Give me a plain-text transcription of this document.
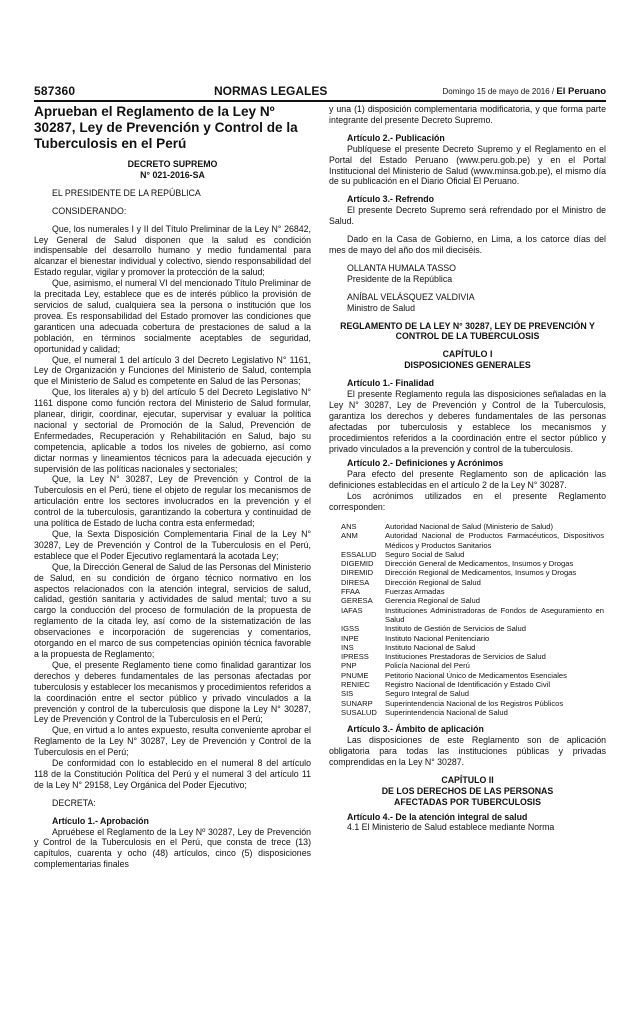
587360	NORMAS LEGALES	Domingo 15 de mayo de 2016 / El Peruano

Aprueban el Reglamento de la Ley Nº 30287, Ley de Prevención y Control de la Tuberculosis en el Perú

DECRETO SUPREMO

N° 021-2016-SA

EL PRESIDENTE DE LA REPÚBLICA

CONSIDERANDO:

Que, los numerales I y II del Título Preliminar de la Ley N° 26842, Ley General de Salud disponen que la salud es condición indispensable del desarrollo humano y medio fundamental para alcanzar el bienestar individual y colectivo, siendo responsabilidad del Estado regular, vigilar y promover la protección de la salud;

Que, asimismo, el numeral VI del mencionado Título Preliminar de la precitada Ley, establece que es de interés público la provisión de servicios de salud, cualquiera sea la persona o institución que los provea. Es responsabilidad del Estado promover las condiciones que garanticen una adecuada cobertura de prestaciones de salud a la población, en términos socialmente aceptables de seguridad, oportunidad y calidad;

Que, el numeral 1 del artículo 3 del Decreto Legislativo N° 1161, Ley de Organización y Funciones del Ministerio de Salud, contempla que el Ministerio de Salud es competente en Salud de las Personas;

Que, los literales a) y b) del artículo 5 del Decreto Legislativo N° 1161 dispone como función rectora del Ministerio de Salud formular, planear, dirigir, coordinar, ejecutar, supervisar y evaluar la política nacional y sectorial de Promoción de la Salud, Prevención de Enfermedades, Recuperación y Rehabilitación en Salud, bajo su competencia, aplicable a todos los niveles de gobierno, así como dictar normas y lineamientos técnicos para la adecuada ejecución y supervisión de las políticas nacionales y sectoriales;

Que, la Ley N° 30287, Ley de Prevención y Control de la Tuberculosis en el Perú, tiene el objeto de regular los mecanismos de articulación entre los sectores involucrados en la prevención y el control de la tuberculosis, garantizando la cobertura y continuidad de una política de Estado de lucha contra esta enfermedad;

Que, la Sexta Disposición Complementaria Final de la Ley N° 30287, Ley de Prevención y Control de la Tuberculosis en el Perú, establece que el Poder Ejecutivo reglamentará la acotada Ley;

Que, la Dirección General de Salud de las Personas del Ministerio de Salud, en su condición de órgano técnico normativo en los aspectos relacionados con la atención integral, servicios de salud, calidad, gestión sanitaria y actividades de salud mental; tuvo a su cargo la conducción del proceso de formulación de la propuesta de reglamento de la citada ley, así como de la sistematización de las observaciones e incorporación de sugerencias y comentarios, otorgando en el marco de sus competencias opinión técnica favorable a la propuesta de Reglamento;

Que, el presente Reglamento tiene como finalidad garantizar los derechos y deberes fundamentales de las personas afectadas por tuberculosis y establecer los mecanismos y procedimientos referidos a la coordinación entre el sector público y privado vinculados a la prevención y control de la tuberculosis que dispone la Ley N° 30287, Ley de Prevención y Control de la Tuberculosis en el Perú;

Que, en virtud a lo antes expuesto, resulta conveniente aprobar el Reglamento de la Ley N° 30287, Ley de Prevención y Control de la Tuberculosis en el Perú;

De conformidad con lo establecido en el numeral 8 del artículo 118 de la Constitución Política del Perú y el numeral 3 del artículo 11 de la Ley N° 29158, Ley Orgánica del Poder Ejecutivo;

DECRETA:

Artículo 1.- Aprobación

Apruébese el Reglamento de la Ley Nº 30287, Ley de Prevención y Control de la Tuberculosis en el Perú, que consta de trece (13) capítulos, cuarenta y ocho (48) artículos, cinco (5) disposiciones complementarias finales

y una (1) disposición complementaria modificatoria, y que forma parte integrante del presente Decreto Supremo.

Artículo 2.- Publicación

Publíquese el presente Decreto Supremo y el Reglamento en el Portal del Estado Peruano (www.peru.gob.pe) y en el Portal Institucional del Ministerio de Salud (www.minsa.gob.pe), el mismo día de su publicación en el Diario Oficial El Peruano.

Artículo 3.- Refrendo

El presente Decreto Supremo será refrendado por el Ministro de Salud.

Dado en la Casa de Gobierno, en Lima, a los catorce días del mes de mayo del año dos mil dieciséis.

OLLANTA HUMALA TASSO

Presidente de la República

ANÍBAL VELÁSQUEZ VALDIVIA

Ministro de Salud

REGLAMENTO DE LA LEY N° 30287, LEY DE PREVENCIÓN Y CONTROL DE LA TUBERCULOSIS

CAPÍTULO I

DISPOSICIONES GENERALES

Artículo 1.- Finalidad

El presente Reglamento regula las disposiciones señaladas en la Ley N° 30287, Ley de Prevención y Control de la Tuberculosis, garantiza los derechos y deberes fundamentales de las personas afectadas por tuberculosis y establece los mecanismos y procedimientos referidos a la coordinación entre el sector público y privado vinculados a la prevención y control de la tuberculosis.

Artículo 2.- Definiciones y Acrónimos

Para efecto del presente Reglamento son de aplicación las definiciones establecidas en el artículo 2 de la Ley N° 30287.

Los acrónimos utilizados en el presente Reglamento corresponden:

ANS	Autoridad Nacional de Salud (Ministerio de Salud)
ANM	Autoridad Nacional de Productos Farmacéuticos, Dispositivos Médicos y Productos Sanitarios
ESSALUD	Seguro Social de Salud
DIGEMID	Dirección General de Medicamentos, Insumos y Drogas
DIREMID	Dirección Regional de Medicamentos, Insumos y Drogas
DIRESA	Dirección Regional de Salud
FFAA	Fuerzas Armadas
GERESA	Gerencia Regional de Salud
IAFAS	Instituciones Administradoras de Fondos de Aseguramiento en Salud
IGSS	Instituto de Gestión de Servicios de Salud
INPE	Instituto Nacional Penitenciario
INS	Instituto Nacional de Salud
IPRESS	Instituciones Prestadoras de Servicios de Salud
PNP	Policía Nacional del Perú
PNUME	Petitorio Nacional Único de Medicamentos Esenciales
RENIEC	Registro Nacional de Identificación y Estado Civil
SIS	Seguro Integral de Salud
SUNARP	Superintendencia Nacional de los Registros Públicos
SUSALUD	Superintendencia Nacional de Salud

Artículo 3.- Ámbito de aplicación

Las disposiciones de este Reglamento son de aplicación obligatoria para todas las instituciones públicas y privadas comprendidas en la Ley N° 30287.

CAPÍTULO II

DE LOS DERECHOS DE LAS PERSONAS AFECTADAS POR TUBERCULOSIS

Artículo 4.- De la atención integral de salud

4.1 El Ministerio de Salud establece mediante Norma
